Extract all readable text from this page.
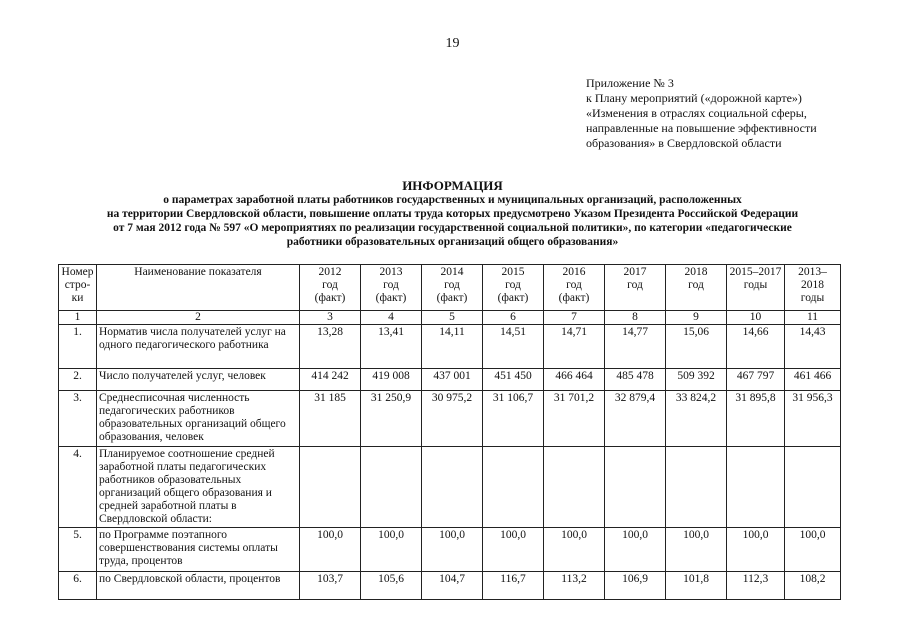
19
Приложение № 3
к Плану мероприятий («дорожной карте»)
«Изменения в отраслях социальной сферы,
направленные на повышение эффективности
образования» в Свердловской области
ИНФОРМАЦИЯ
о параметрах заработной платы работников государственных и муниципальных организаций, расположенных
на территории Свердловской области, повышение оплаты труда которых предусмотрено Указом Президента Российской Федерации
от 7 мая 2012 года № 597 «О мероприятиях по реализации государственной социальной политики», по категории «педагогические
работники образовательных организаций общего образования»
Номер
стро-
ки	Наименование показателя	2012
год
(факт)	2013
год
(факт)	2014
год
(факт)	2015
год
(факт)	2016
год
(факт)	2017
год	2018
год	2015–2017
годы	2013–2018
годы

1	2	3	4	5	6	7	8	9	10	11
1.	Норматив числа получателей услуг на одного педагогического работника	13,28	13,41	14,11	14,51	14,71	14,77	15,06	14,66	14,43
2.	Число получателей услуг, человек	414 242	419 008	437 001	451 450	466 464	485 478	509 392	467 797	461 466
3.	Среднесписочная численность педагогических работников образовательных организаций общего образования, человек	31 185	31 250,9	30 975,2	31 106,7	31 701,2	32 879,4	33 824,2	31 895,8	31 956,3
4.	Планируемое соотношение средней заработной платы педагогических работников образовательных организаций общего образования и средней заработной платы в Свердловской области:									
5.	по Программе поэтапного совершенствования системы оплаты труда, процентов	100,0	100,0	100,0	100,0	100,0	100,0	100,0	100,0	100,0
6.	по Свердловской области, процентов	103,7	105,6	104,7	116,7	113,2	106,9	101,8	112,3	108,2
